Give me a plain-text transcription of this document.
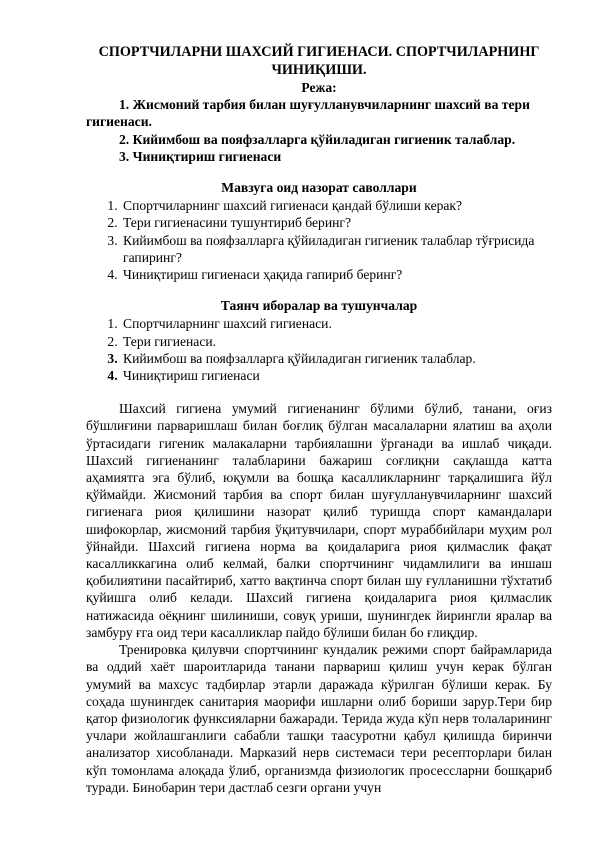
СПОРТЧИЛАРНИ ШАХСИЙ ГИГИЕНАСИ. СПОРТЧИЛАРНИНГ ЧИНИҚИШИ.
Режа:
1. Жисмоний тарбия билан шуғулланувчиларнинг шахсий ва тери гигиенаси.
2. Кийимбош ва пояфзалларга қўйиладиган гигиеник талаблар.
3. Чиниқтириш гигиенаси
Мавзуга оид назорат саволлари
1. Спортчиларнинг шахсий гигиенаси қандай бўлиши керак?
2. Тери гигиенасини тушунтириб беринг?
3. Кийимбош ва пояфзалларга қўйиладиган гигиеник талаблар тўғрисида гапиринг?
4. Чиниқтириш гигиенаси ҳақида гапириб беринг?
Таянч иборалар ва тушунчалар
1. Спортчиларнинг шахсий гигиенаси.
2. Тери гигиенаси.
3. Кийимбош ва пояфзалларга қўйиладиган гигиеник талаблар.
4. Чиниқтириш гигиенаси

Шахсий гигиена умумий гигиенанинг бўлими бўлиб, танани, оғиз бўшлиғини парваришлаш билан боғлиқ бўлган масалаларни ялатиш ва аҳоли ўртасидаги гигеник малакаларни тарбиялашни ўрганади ва ишлаб чиқади. Шахсий гигиенанинг талабларини бажариш соғлиқни сақлашда катта аҳамиятга эга бўлиб, юқумли ва бошқа касалликларнинг тарқалишига йўл қўймайди. Жисмоний тарбия ва спорт билан шуғулланувчиларнинг шахсий гигиенага риоя қилишини назорат қилиб туришда спорт камандалари шифокорлар, жисмоний тарбия ўқитувчилари, спорт мураббийлари муҳим рол ўйнайди. Шахсий гигиена норма ва қоидаларига риоя қилмаслик фақат касалликкагина олиб келмай, балки спортчининг чидамлилиги ва иншаш қобилиятини пасайтириб, хатто вақтинча спорт билан шу ғулланишни тўхтатиб қуйишга олиб келади. Шахсий гигиена қоидаларига риоя қилмаслик натижасида оёқнинг шилиниши, совуқ уриши, шунингдек йирингли яралар ва замбуру ғга оид тери касалликлар пайдо бўлиши билан бо ғлиқдир.

Тренировка қилувчи спортчининг кундалик режими спорт байрамларида ва оддий хаёт шароитларида танани парвариш қилиш учун керак бўлган умумий ва махсус тадбирлар этарли даражада кўрилган бўлиши керак. Бу соҳада шунингдек санитария маорифи ишларни олиб бориши зарур.Тери бир қатор физиологик функсияларни бажаради. Терида жуда кўп нерв толаларининг учлари жойлашганлиги сабабли ташқи таасуротни қабул қилишда биринчи анализатор хисобланади. Марказий нерв системаси тери ресепторлари билан кўп томонлама алоқада ўлиб, организмда физиологик просессларни бошқариб туради. Бинобарин тери дастлаб сезги органи учун
